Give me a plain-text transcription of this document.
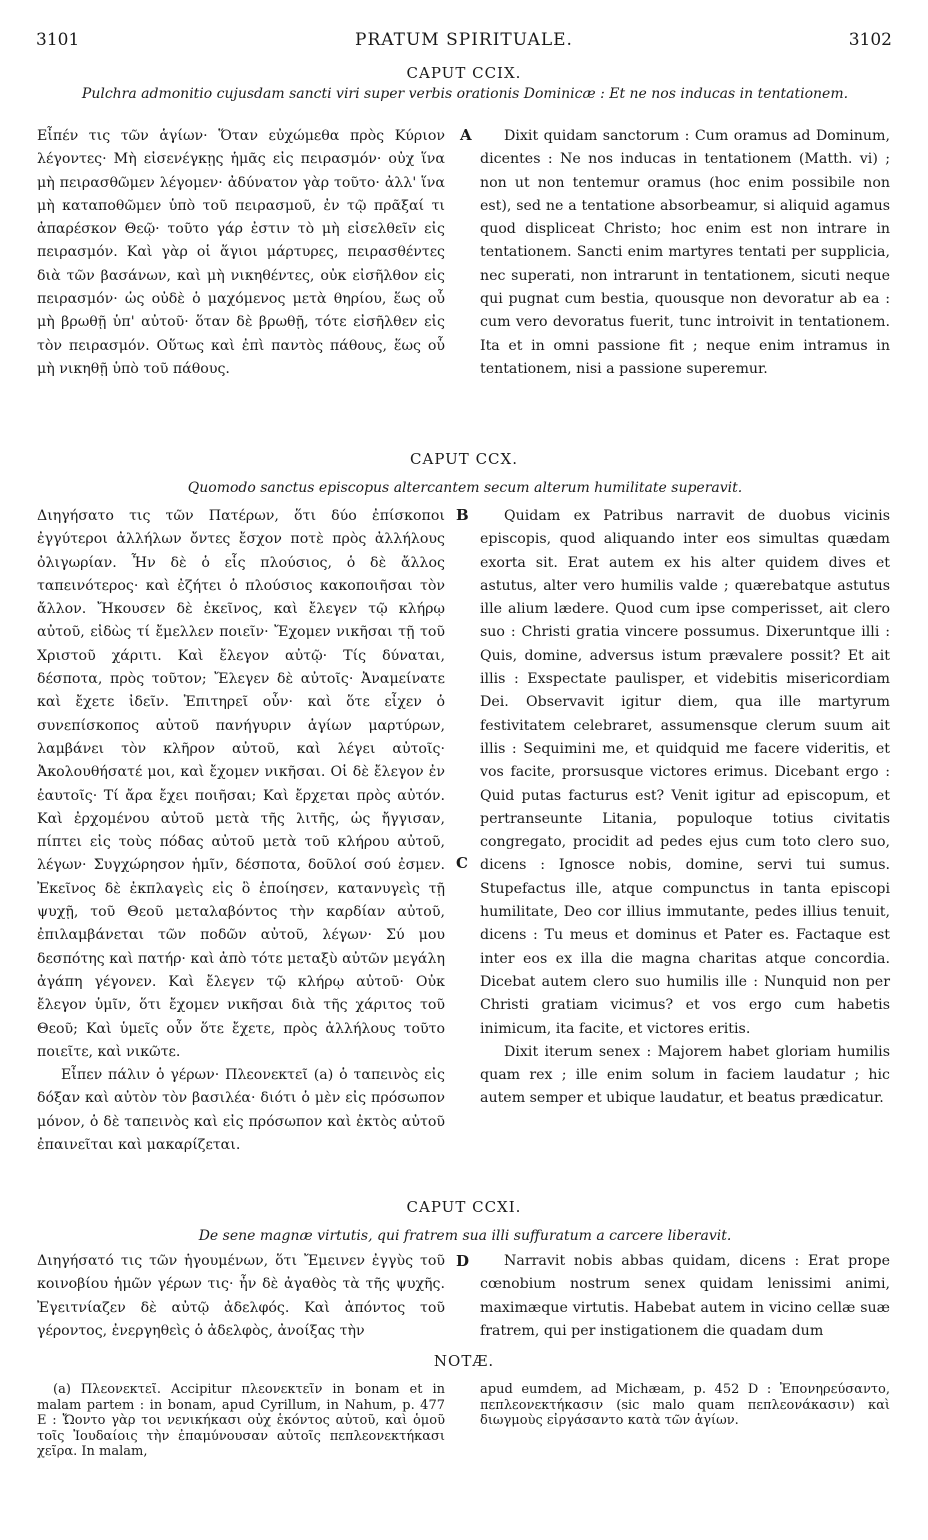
3101	PRATUM SPIRITUALE.	3102
CAPUT CCIX.
Pulchra admonitio cujusdam sancti viri super verbis orationis Dominicæ : Et ne nos inducas in tentationem.
A

Εἶπέν τις τῶν ἁγίων· Ὅταν εὐχώμεθα πρὸς Κύριον λέγοντες· Μὴ εἰσενέγκῃς ἡμᾶς εἰς πειρασμόν· οὐχ ἵνα μὴ πειρασθῶμεν λέγομεν· ἀδύνατον γὰρ τοῦτο· ἀλλ' ἵνα μὴ καταποθῶμεν ὑπὸ τοῦ πειρασμοῦ, ἐν τῷ πρᾶξαί τι ἀπαρέσκον Θεῷ· τοῦτο γάρ ἐστιν τὸ μὴ εἰσελθεῖν εἰς πειρασμόν. Καὶ γὰρ οἱ ἅγιοι μάρτυρες, πειρασθέντες διὰ τῶν βασάνων, καὶ μὴ νικηθέντες, οὐκ εἰσῆλθον εἰς πειρασμόν· ὡς οὐδὲ ὁ μαχόμενος μετὰ θηρίου, ἕως οὗ μὴ βρωθῇ ὑπ' αὐτοῦ· ὅταν δὲ βρωθῇ, τότε εἰσῆλθεν εἰς τὸν πειρασμόν. Οὕτως καὶ ἐπὶ παντὸς πάθους, ἕως οὗ μὴ νικηθῇ ὑπὸ τοῦ πάθους.

Dixit quidam sanctorum : Cum oramus ad Dominum, dicentes : Ne nos inducas in tentationem (Matth. vi) ; non ut non tentemur oramus (hoc enim possibile non est), sed ne a tentatione absorbeamur, si aliquid agamus quod displiceat Christo; hoc enim est non intrare in tentationem. Sancti enim martyres tentati per supplicia, nec superati, non intrarunt in tentationem, sicuti neque qui pugnat cum bestia, quousque non devoratur ab ea : cum vero devoratus fuerit, tunc introivit in tentationem. Ita et in omni passione fit ; neque enim intramus in tentationem, nisi a passione superemur.

CAPUT CCX.
Quomodo sanctus episcopus altercantem secum alterum humilitate superavit.
B
C

Διηγήσατο τις τῶν Πατέρων, ὅτι δύο ἐπίσκοποι ἐγγύτεροι ἀλλήλων ὄντες ἔσχον ποτὲ πρὸς ἀλλήλους ὀλιγωρίαν. Ἦν δὲ ὁ εἷς πλούσιος, ὁ δὲ ἄλλος ταπεινότερος· καὶ ἐζήτει ὁ πλούσιος κακοποιῆσαι τὸν ἄλλον. Ἤκουσεν δὲ ἐκεῖνος, καὶ ἔλεγεν τῷ κλήρῳ αὐτοῦ, εἰδὼς τί ἔμελλεν ποιεῖν· Ἔχομεν νικῆσαι τῇ τοῦ Χριστοῦ χάριτι. Καὶ ἔλεγον αὐτῷ· Τίς δύναται, δέσποτα, πρὸς τοῦτον; Ἔλεγεν δὲ αὐτοῖς· Ἀναμείνατε καὶ ἔχετε ἰδεῖν. Ἐπιτηρεῖ οὖν· καὶ ὅτε εἶχεν ὁ συνεπίσκοπος αὐτοῦ πανήγυριν ἁγίων μαρτύρων, λαμβάνει τὸν κλῆρον αὐτοῦ, καὶ λέγει αὐτοῖς· Ἀκολουθήσατέ μοι, καὶ ἔχομεν νικῆσαι. Οἱ δὲ ἔλεγον ἐν ἑαυτοῖς· Τί ἄρα ἔχει ποιῆσαι; Καὶ ἔρχεται πρὸς αὐτόν. Καὶ ἐρχομένου αὐτοῦ μετὰ τῆς λιτῆς, ὡς ἤγγισαν, πίπτει εἰς τοὺς πόδας αὐτοῦ μετὰ τοῦ κλήρου αὐτοῦ, λέγων· Συγχώρησον ἡμῖν, δέσποτα, δοῦλοί σού ἐσμεν. Ἐκεῖνος δὲ ἐκπλαγεὶς εἰς ὃ ἐποίησεν, κατανυγεὶς τῇ ψυχῇ, τοῦ Θεοῦ μεταλαβόντος τὴν καρδίαν αὐτοῦ, ἐπιλαμβάνεται τῶν ποδῶν αὐτοῦ, λέγων· Σύ μου δεσπότης καὶ πατήρ· καὶ ἀπὸ τότε μεταξὺ αὐτῶν μεγάλη ἀγάπη γέγονεν. Καὶ ἔλεγεν τῷ κλήρῳ αὐτοῦ· Οὐκ ἔλεγον ὑμῖν, ὅτι ἔχομεν νικῆσαι διὰ τῆς χάριτος τοῦ Θεοῦ; Καὶ ὑμεῖς οὖν ὅτε ἔχετε, πρὸς ἀλλήλους τοῦτο ποιεῖτε, καὶ νικῶτε.

Εἶπεν πάλιν ὁ γέρων· Πλεονεκτεῖ (a) ὁ ταπεινὸς εἰς δόξαν καὶ αὐτὸν τὸν βασιλέα· διότι ὁ μὲν εἰς πρόσωπον μόνον, ὁ δὲ ταπεινὸς καὶ εἰς πρόσωπον καὶ ἐκτὸς αὐτοῦ ἐπαινεῖται καὶ μακαρίζεται.

Quidam ex Patribus narravit de duobus vicinis episcopis, quod aliquando inter eos simultas quædam exorta sit. Erat autem ex his alter quidem dives et astutus, alter vero humilis valde ; quærebatque astutus ille alium lædere. Quod cum ipse comperisset, ait clero suo : Christi gratia vincere possumus. Dixeruntque illi : Quis, domine, adversus istum prævalere possit? Et ait illis : Exspectate paulisper, et videbitis misericordiam Dei. Observavit igitur diem, qua ille martyrum festivitatem celebraret, assumensque clerum suum ait illis : Sequimini me, et quidquid me facere videritis, et vos facite, prorsusque victores erimus. Dicebant ergo : Quid putas facturus est? Venit igitur ad episcopum, et pertranseunte Litania, populoque totius civitatis congregato, procidit ad pedes ejus cum toto clero suo, dicens : Ignosce nobis, domine, servi tui sumus. Stupefactus ille, atque compunctus in tanta episcopi humilitate, Deo cor illius immutante, pedes illius tenuit, dicens : Tu meus et dominus et Pater es. Factaque est inter eos ex illa die magna charitas atque concordia. Dicebat autem clero suo humilis ille : Nunquid non per Christi gratiam vicimus? et vos ergo cum habetis inimicum, ita facite, et victores eritis.

Dixit iterum senex : Majorem habet gloriam humilis quam rex ; ille enim solum in faciem laudatur ; hic autem semper et ubique laudatur, et beatus prædicatur.

CAPUT CCXI.
De sene magnæ virtutis, qui fratrem sua illi suffuratum a carcere liberavit.
D

Διηγήσατό τις τῶν ἡγουμένων, ὅτι Ἔμεινεν ἐγγὺς τοῦ κοινοβίου ἡμῶν γέρων τις· ἦν δὲ ἀγαθὸς τὰ τῆς ψυχῆς. Ἐγειτνίαζεν δὲ αὐτῷ ἀδελφός. Καὶ ἀπόντος τοῦ γέροντος, ἐνεργηθεὶς ὁ ἀδελφὸς, ἀνοίξας τὴν

Narravit nobis abbas quidam, dicens : Erat prope cœnobium nostrum senex quidam lenissimi animi, maximæque virtutis. Habebat autem in vicino cellæ suæ fratrem, qui per instigationem die quadam dum

NOTÆ.
(a) Πλεονεκτεῖ. Accipitur πλεονεκτεῖν in bonam et in malam partem : in bonam, apud Cyrillum, in Nahum, p. 477 E : Ὤοντο γὰρ τοι νενικήκασι οὐχ ἑκόντος αὐτοῦ, καὶ ὁμοῦ τοῖς Ἰουδαίοις τὴν ἐπαμύνουσαν αὐτοῖς πεπλεονεκτήκασι χεῖρα. In malam,
apud eumdem, ad Michæam, p. 452 D : Ἐπονηρεύσαντο, πεπλεονεκτήκασιν (sic malo quam πεπλεονάκασιν) καὶ διωγμοὺς εἰργάσαντο κατὰ τῶν ἁγίων.
